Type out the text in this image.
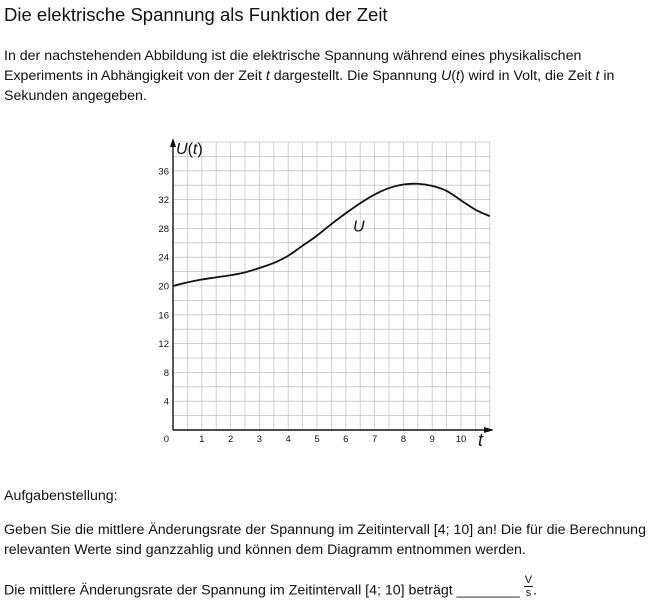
Die elektrische Spannung als Funktion der Zeit

In der nachstehenden Abbildung ist die elektrische Spannung während eines physikalischen Experiments in Abhängigkeit von der Zeit t dargestellt. Die Spannung U(t) wird in Volt, die Zeit t in Sekunden angegeben.

1 2 3 4 5 6 7 8 9 10
4
8
12
16
20
24
28
32
36
U
U(t)
t
0

Aufgabenstellung:

Geben Sie die mittlere Änderungsrate der Spannung im Zeitintervall [4; 10] an! Die für die Berechnung relevanten Werte sind ganzzahlig und können dem Diagramm entnommen werden.

Die mittlere Änderungsrate der Spannung im Zeitintervall [4; 10] beträgt ________ $\frac{V}{s}$ .
